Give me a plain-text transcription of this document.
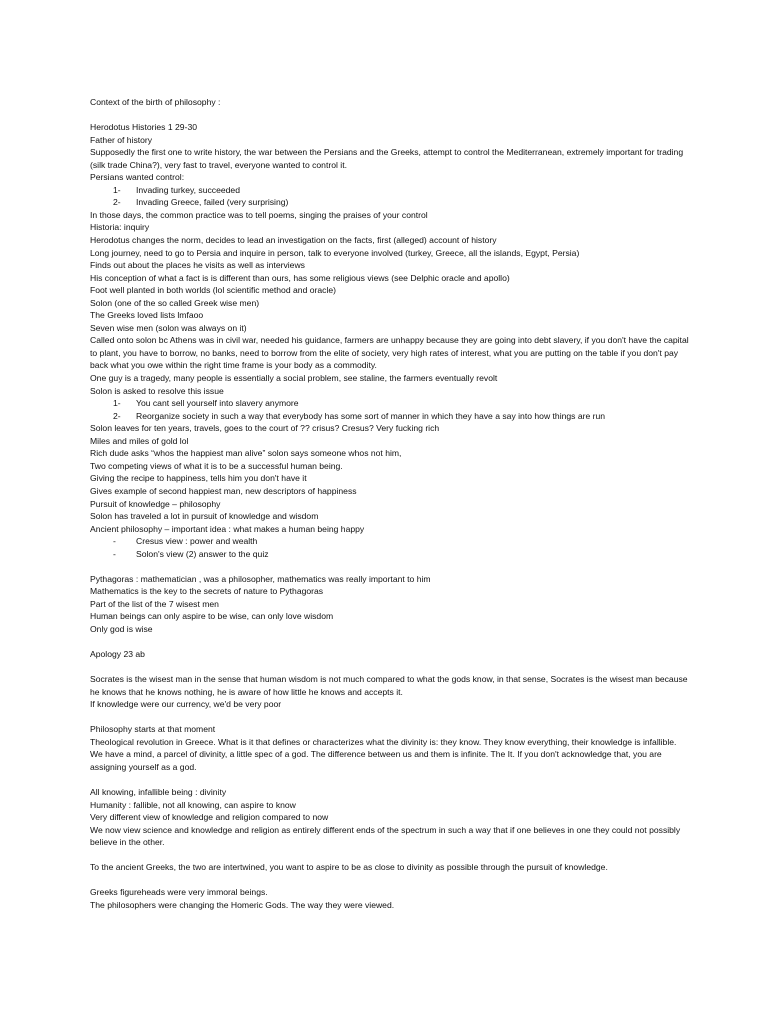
Context of the birth of philosophy :
Herodotus Histories 1 29-30
Father of history
Supposedly the first one to write history, the war between the Persians and the Greeks, attempt to control the Mediterranean, extremely important for trading (silk trade China?), very fast to travel, everyone wanted to control it.
Persians wanted control:
1- Invading turkey, succeeded
2- Invading Greece, failed (very surprising)
In those days, the common practice was to tell poems, singing the praises of your control
Historia: inquiry
Herodotus changes the norm, decides to lead an investigation on the facts, first (alleged) account of history
Long journey, need to go to Persia and inquire in person, talk to everyone involved (turkey, Greece, all the islands, Egypt, Persia)
Finds out about the places he visits as well as interviews
His conception of what a fact is is different than ours, has some religious views (see Delphic oracle and apollo)
Foot well planted in both worlds (lol scientific method and oracle)
Solon (one of the so called Greek wise men)
The Greeks loved lists lmfaoo
Seven wise men (solon was always on it)
Called onto solon bc Athens was in civil war, needed his guidance, farmers are unhappy because they are going into debt slavery, if you don't have the capital to plant, you have to borrow, no banks, need to borrow from the elite of society, very high rates of interest, what you are putting on the table if you don't pay back what you owe within the right time frame is your body as a commodity.
One guy is a tragedy, many people is essentially a social problem, see staline, the farmers eventually revolt
Solon is asked to resolve this issue
1- You cant sell yourself into slavery anymore
2- Reorganize society in such a way that everybody has some sort of manner in which they have a say into how things are run
Solon leaves for ten years, travels, goes to the court of ?? crisus? Cresus? Very fucking rich
Miles and miles of gold lol
Rich dude asks “whos the happiest man alive” solon says someone whos not him,
Two competing views of what it is to be a successful human being.
Giving the recipe to happiness, tells him you don't have it
Gives example of second happiest man, new descriptors of happiness
Pursuit of knowledge – philosophy
Solon has traveled a lot in pursuit of knowledge and wisdom
Ancient philosophy – important idea : what makes a human being happy
- Cresus view : power and wealth
- Solon's view (2) answer to the quiz
Pythagoras : mathematician , was a philosopher, mathematics was really important to him
Mathematics is the key to the secrets of nature to Pythagoras
Part of the list of the 7 wisest men
Human beings can only aspire to be wise, can only love wisdom
Only god is wise
Apology 23 ab
Socrates is the wisest man in the sense that human wisdom is not much compared to what the gods know, in that sense, Socrates is the wisest man because he knows that he knows nothing, he is aware of how little he knows and accepts it.
If knowledge were our currency, we'd be very poor
Philosophy starts at that moment
Theological revolution in Greece. What is it that defines or characterizes what the divinity is: they know. They know everything, their knowledge is infallible.
We have a mind, a parcel of divinity, a little spec of a god. The difference between us and them is infinite. The It. If you don't acknowledge that, you are assigning yourself as a god.
All knowing, infallible being : divinity
Humanity : fallible, not all knowing, can aspire to know
Very different view of knowledge and religion compared to now
We now view science and knowledge and religion as entirely different ends of the spectrum in such a way that if one believes in one they could not possibly believe in the other.
To the ancient Greeks, the two are intertwined, you want to aspire to be as close to divinity as possible through the pursuit of knowledge.
Greeks figureheads were very immoral beings.
The philosophers were changing the Homeric Gods. The way they were viewed.
